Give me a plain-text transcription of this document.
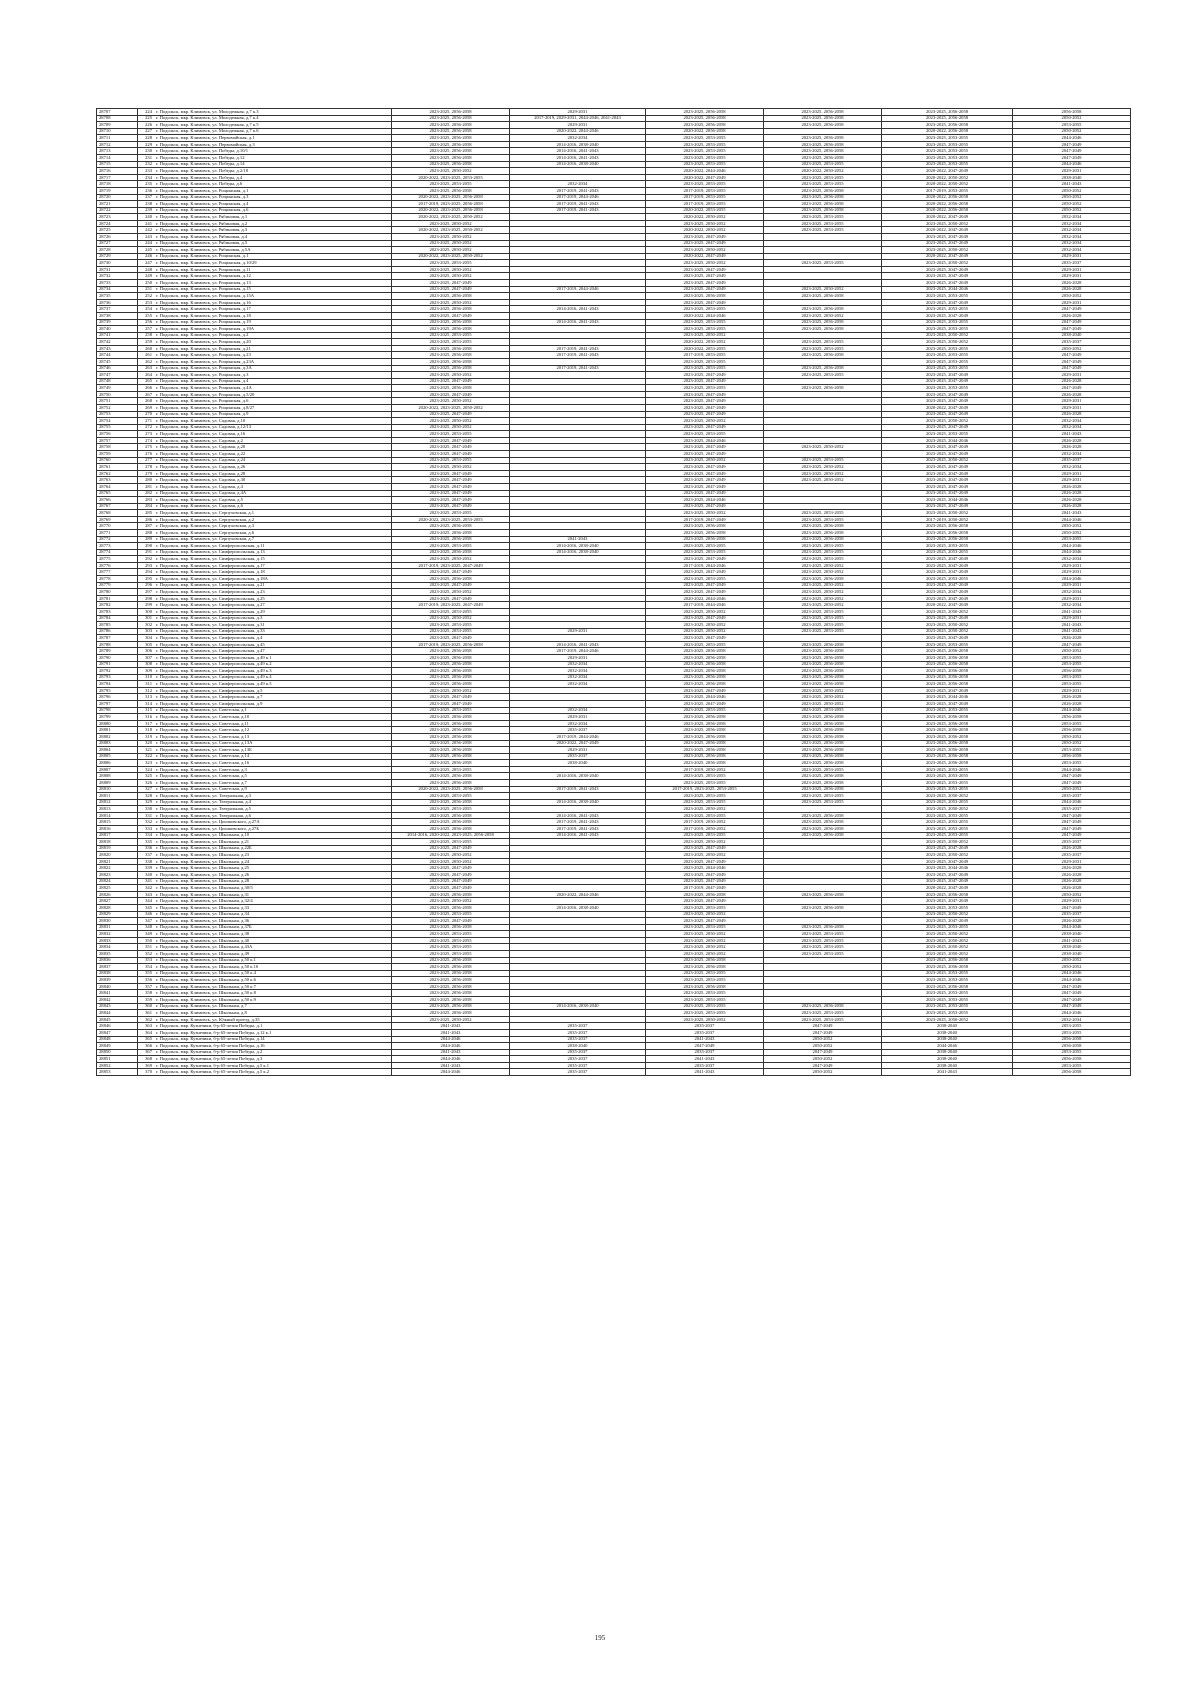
28707	224	г. Подольск, мкр. Климовск, ул. Молодежная, д.7 к.3	2023-2025, 2056-2058	2029-2031	2023-2025, 2056-2058	2023-2025, 2056-2058	2023-2025, 2056-2058	2056-2058
28708	225	г. Подольск, мкр. Климовск, ул. Молодежная, д.7 к.4	2023-2025, 2056-2058	2017-2019, 2029-2031, 2044-2046, 2041-2043	2023-2025, 2056-2058	2023-2025, 2056-2058	2023-2025, 2056-2058	2050-2052
28709	226	г. Подольск, мкр. Климовск, ул. Молодежная, д.7 к.5	2023-2025, 2056-2058	2029-2031	2023-2025, 2056-2058	2023-2025, 2056-2058	2023-2025, 2056-2058	2053-2055
28710	227	г. Подольск, мкр. Климовск, ул. Молодежная, д.7 к.6	2023-2025, 2056-2058	2020-2022, 2044-2046	2020-2022, 2056-2058		2020-2022, 2056-2058	2050-2052
28711	228	г. Подольск, мкр. Климовск, ул. Первомайская, д.1	2023-2025, 2056-2058	2032-2034	2023-2025, 2053-2055	2023-2025, 2056-2058	2023-2025, 2053-2055	2044-2046
28712	229	г. Подольск, мкр. Климовск, ул. Первомайская, д.3	2023-2025, 2056-2058	2014-2016, 2038-2040	2023-2025, 2053-2055	2023-2025, 2056-2058	2023-2025, 2053-2055	2047-2049
28713	230	г. Подольск, мкр. Климовск, ул. Победы, д.10/1	2023-2025, 2056-2058	2014-2016, 2041-2043	2023-2025, 2053-2055	2023-2025, 2056-2058	2023-2025, 2053-2055	2047-2049
28714	231	г. Подольск, мкр. Климовск, ул. Победы, д.12	2023-2025, 2056-2058	2014-2016, 2041-2043	2023-2025, 2053-2055	2023-2025, 2056-2058	2023-2025, 2053-2055	2047-2049
28715	232	г. Подольск, мкр. Климовск, ул. Победы, д.14	2023-2025, 2056-2058	2014-2016, 2038-2040	2023-2025, 2053-2055	2023-2025, 2053-2055	2023-2025, 2053-2055	2044-2046
28716	233	г. Подольск, мкр. Климовск, ул. Победы, д.2/18	2023-2025, 2050-2052		2020-2022, 2044-2046	2020-2022, 2050-2052	2020-2022, 2047-2049	2029-2031
28717	234	г. Подольск, мкр. Климовск, ул. Победы, д.4	2020-2022, 2023-2025, 2053-2055		2020-2022, 2047-2049	2023-2025, 2053-2055	2020-2022, 2050-2052	2038-2040
28718	235	г. Подольск, мкр. Климовск, ул. Победы, д.6	2023-2025, 2053-2055	2032-2034	2023-2025, 2053-2055	2023-2025, 2053-2055	2020-2022, 2050-2052	2041-2043
28719	236	г. Подольск, мкр. Климовск, ул. Рощинская, д.1	2023-2025, 2056-2058	2017-2019, 2041-2043	2017-2019, 2053-2055	2023-2025, 2056-2058	2017-2019, 2053-2055	2050-2052
28720	237	г. Подольск, мкр. Климовск, ул. Рощинская, д.3	2020-2022, 2023-2025, 2056-2058	2017-2019, 2044-2046	2017-2019, 2053-2055	2023-2025, 2056-2058	2020-2022, 2056-2058	2050-2052
28721	238	г. Подольск, мкр. Климовск, ул. Рощинская, д.4	2017-2019, 2023-2025, 2056-2058	2017-2019, 2041-2043	2017-2019, 2053-2055	2023-2025, 2056-2058	2020-2022, 2056-2058	2050-2052
28722	239	г. Подольск, мкр. Климовск, ул. Рощинская, д.6	2020-2022, 2023-2025, 2056-2058	2017-2019, 2041-2043	2020-2022, 2053-2055	2023-2025, 2056-2058	2020-2022, 2056-2058	2050-2052
28723	240	г. Подольск, мкр. Климовск, ул. Рябиновая, д.1	2020-2022, 2023-2025, 2050-2052		2020-2022, 2050-2052	2023-2025, 2053-2055	2020-2022, 2047-2049	2032-2034
28724	241	г. Подольск, мкр. Климовск, ул. Рябиновая, д.2	2023-2025, 2050-2052		2023-2025, 2050-2052	2023-2025, 2053-2055	2023-2025, 2050-2052	2032-2034
28725	242	г. Подольск, мкр. Климовск, ул. Рябиновая, д.3	2020-2022, 2023-2025, 2050-2052		2020-2022, 2050-2052	2023-2025, 2053-2055	2020-2022, 2047-2049	2032-2034
28726	243	г. Подольск, мкр. Климовск, ул. Рябиновая, д.4	2023-2025, 2050-2052		2023-2025, 2047-2049		2023-2025, 2047-2049	2032-2034
28727	244	г. Подольск, мкр. Климовск, ул. Рябиновая, д.5	2023-2025, 2050-2052		2023-2025, 2047-2049		2023-2025, 2047-2049	2032-2034
28728	245	г. Подольск, мкр. Климовск, ул. Рябиновая, д.5А	2023-2025, 2050-2052		2023-2025, 2050-2052		2023-2025, 2050-2052	2032-2034
28729	246	г. Подольск, мкр. Климовск, ул. Рощинская, д.1	2020-2022, 2023-2025, 2050-2052		2020-2022, 2047-2049		2020-2022, 2047-2049	2029-2031
28730	247	г. Подольск, мкр. Климовск, ул. Рощинская, д.10/29	2023-2025, 2053-2055		2023-2025, 2050-2052	2023-2025, 2053-2055	2023-2025, 2050-2052	2035-2037
28731	248	г. Подольск, мкр. Климовск, ул. Рощинская, д.11	2023-2025, 2050-2052		2023-2025, 2047-2049		2023-2025, 2047-2049	2029-2031
28732	249	г. Подольск, мкр. Климовск, ул. Рощинская, д.12	2023-2025, 2050-2052		2023-2025, 2047-2049		2023-2025, 2047-2049	2029-2031
28733	250	г. Подольск, мкр. Климовск, ул. Рощинская, д.13	2023-2025, 2047-2049		2023-2025, 2047-2049		2023-2025, 2047-2049	2026-2028
28734	251	г. Подольск, мкр. Климовск, ул. Рощинская, д.15	2023-2025, 2047-2049	2017-2019, 2044-2046	2023-2025, 2047-2049	2023-2025, 2050-2052	2023-2025, 2044-2046	2026-2028
28735	252	г. Подольск, мкр. Климовск, ул. Рощинская, д.15А	2023-2025, 2056-2058		2023-2025, 2056-2058	2023-2025, 2056-2058	2023-2025, 2053-2055	2050-2052
28736	253	г. Подольск, мкр. Климовск, ул. Рощинская, д.16	2023-2025, 2050-2052		2023-2025, 2047-2049		2023-2025, 2047-2049	2029-2031
28737	254	г. Подольск, мкр. Климовск, ул. Рощинская, д.17	2023-2025, 2056-2058	2014-2016, 2041-2043	2023-2025, 2053-2055	2023-2025, 2056-2058	2023-2025, 2053-2055	2047-2049
28738	255	г. Подольск, мкр. Климовск, ул. Рощинская, д.18	2023-2025, 2047-2049		2020-2022, 2044-2046	2023-2025, 2050-2052	2023-2025, 2047-2049	2026-2028
28739	256	г. Подольск, мкр. Климовск, ул. Рощинская, д.19	2023-2025, 2056-2058	2014-2016, 2041-2043	2023-2025, 2053-2055	2023-2025, 2056-2058	2023-2025, 2053-2055	2047-2049
28740	257	г. Подольск, мкр. Климовск, ул. Рощинская, д.19А	2023-2025, 2056-2058		2023-2025, 2053-2055	2023-2025, 2056-2058	2023-2025, 2053-2055	2047-2049
28741	258	г. Подольск, мкр. Климовск, ул. Рощинская, д.2	2023-2025, 2053-2055		2023-2025, 2050-2052		2023-2025, 2050-2052	2038-2040
28742	259	г. Подольск, мкр. Климовск, ул. Рощинская, д.20	2023-2025, 2053-2055		2020-2022, 2050-2052	2023-2025, 2053-2055	2023-2025, 2050-2052	2035-2037
28743	260	г. Подольск, мкр. Климовск, ул. Рощинская, д.21	2023-2025, 2056-2058	2017-2019, 2041-2043	2020-2022, 2053-2055	2023-2025, 2053-2055	2023-2025, 2053-2055	2050-2052
28744	261	г. Подольск, мкр. Климовск, ул. Рощинская, д.23	2023-2025, 2056-2058	2017-2019, 2041-2043	2017-2019, 2053-2055	2023-2025, 2056-2058	2023-2025, 2053-2055	2047-2049
28745	262	г. Подольск, мкр. Климовск, ул. Рощинская, д.23А	2023-2025, 2056-2058		2023-2025, 2053-2055		2023-2025, 2053-2055	2047-2049
28746	263	г. Подольск, мкр. Климовск, ул. Рощинская, д.3А	2023-2025, 2056-2058	2017-2019, 2041-2043	2023-2025, 2053-2055	2023-2025, 2056-2058	2023-2025, 2053-2055	2047-2049
28747	264	г. Подольск, мкр. Климовск, ул. Рощинская, д.3	2023-2025, 2050-2052		2023-2025, 2047-2049	2023-2025, 2053-2055	2023-2025, 2047-2049	2029-2031
28748	265	г. Подольск, мкр. Климовск, ул. Рощинская, д.4	2023-2025, 2047-2049		2023-2025, 2047-2049		2023-2025, 2047-2049	2026-2028
28749	266	г. Подольск, мкр. Климовск, ул. Рощинская, д.4А	2023-2025, 2056-2058		2023-2025, 2053-2055	2023-2025, 2056-2058	2023-2025, 2053-2055	2047-2049
28750	267	г. Подольск, мкр. Климовск, ул. Рощинская, д.5/20	2023-2025, 2047-2049		2023-2025, 2047-2049		2023-2025, 2047-2049	2026-2028
28751	268	г. Подольск, мкр. Климовск, ул. Рощинская, д.6	2023-2025, 2050-2052		2023-2025, 2047-2049		2023-2025, 2047-2049	2029-2031
28752	269	г. Подольск, мкр. Климовск, ул. Рощинская, д.8/27	2020-2022, 2023-2025, 2050-2052		2023-2025, 2047-2049		2020-2022, 2047-2049	2029-2031
28753	270	г. Подольск, мкр. Климовск, ул. Рощинская, д.9	2023-2025, 2047-2049		2023-2025, 2047-2049		2023-2025, 2047-2049	2026-2028
28754	271	г. Подольск, мкр. Климовск, ул. Садовая, д.10	2023-2025, 2050-2052		2023-2025, 2050-2052		2023-2025, 2050-2052	2032-2034
28755	272	г. Подольск, мкр. Климовск, ул. Садовая, д.12/13	2023-2025, 2050-2052		2023-2025, 2047-2049		2023-2025, 2047-2049	2032-2034
28756	273	г. Подольск, мкр. Климовск, ул. Садовая, д.16	2023-2025, 2053-2055		2023-2025, 2053-2055		2023-2025, 2053-2055	2041-2043
28757	274	г. Подольск, мкр. Климовск, ул. Садовая, д.2	2023-2025, 2047-2049		2023-2025, 2044-2046		2023-2025, 2044-2046	2026-2028
28758	275	г. Подольск, мкр. Климовск, ул. Садовая, д.20	2023-2025, 2047-2049		2023-2025, 2047-2049	2023-2025, 2050-2052	2023-2025, 2047-2049	2026-2028
28759	276	г. Подольск, мкр. Климовск, ул. Садовая, д.22	2023-2025, 2047-2049		2023-2025, 2047-2049		2023-2025, 2047-2049	2032-2034
28760	277	г. Подольск, мкр. Климовск, ул. Садовая, д.24	2023-2025, 2053-2055		2023-2025, 2050-2052	2023-2025, 2053-2055	2023-2025, 2050-2052	2035-2037
28761	278	г. Подольск, мкр. Климовск, ул. Садовая, д.26	2023-2025, 2050-2052		2023-2025, 2047-2049	2023-2025, 2050-2052	2023-2025, 2047-2049	2032-2034
28762	279	г. Подольск, мкр. Климовск, ул. Садовая, д.28	2023-2025, 2047-2049		2023-2025, 2047-2049	2023-2025, 2050-2052	2023-2025, 2047-2049	2029-2031
28763	280	г. Подольск, мкр. Климовск, ул. Садовая, д.30	2023-2025, 2047-2049		2023-2025, 2047-2049	2023-2025, 2050-2052	2023-2025, 2047-2049	2029-2031
28764	281	г. Подольск, мкр. Климовск, ул. Садовая, д.4	2023-2025, 2047-2049		2023-2025, 2047-2049		2023-2025, 2047-2049	2026-2028
28765	282	г. Подольск, мкр. Климовск, ул. Садовая, д.4А	2023-2025, 2047-2049		2023-2025, 2047-2049		2023-2025, 2047-2049	2026-2028
28766	283	г. Подольск, мкр. Климовск, ул. Садовая, д.5	2023-2025, 2047-2049		2023-2025, 2044-2046		2023-2025, 2044-2046	2026-2028
28767	284	г. Подольск, мкр. Климовск, ул. Садовая, д.6	2023-2025, 2047-2049		2023-2025, 2047-2049		2023-2025, 2047-2049	2026-2028
28768	285	г. Подольск, мкр. Климовск, ул. Серпуховская, д.1	2023-2025, 2053-2055		2023-2025, 2050-2052	2023-2025, 2053-2055	2023-2025, 2050-2052	2041-2043
28769	286	г. Подольск, мкр. Климовск, ул. Серпуховская, д.2	2020-2022, 2023-2025, 2053-2055		2017-2019, 2047-2049	2023-2025, 2053-2055	2017-2019, 2050-2052	2044-2046
28770	287	г. Подольск, мкр. Климовск, ул. Серпуховская, д.3	2023-2025, 2056-2058		2023-2025, 2056-2058	2023-2025, 2056-2058	2023-2025, 2056-2058	2050-2052
28771	288	г. Подольск, мкр. Климовск, ул. Серпуховская, д.6	2023-2025, 2056-2058		2023-2025, 2056-2058	2023-2025, 2056-2058	2023-2025, 2056-2058	2050-2052
28772	289	г. Подольск, мкр. Климовск, ул. Серпуховская, д.7	2023-2025, 2056-2058	2041-2043	2023-2025, 2056-2058	2023-2025, 2056-2058	2023-2025, 2056-2058	2053-2055
28773	290	г. Подольск, мкр. Климовск, ул. Симферопольская, д.11	2023-2025, 2053-2055	2014-2016, 2038-2040	2023-2025, 2053-2055	2023-2025, 2053-2055	2023-2025, 2053-2055	2044-2046
28774	291	г. Подольск, мкр. Климовск, ул. Симферопольская, д.13	2023-2025, 2056-2058	2014-2016, 2038-2040	2023-2025, 2053-2055	2023-2025, 2053-2055	2023-2025, 2053-2055	2044-2046
28775	292	г. Подольск, мкр. Климовск, ул. Симферопольская, д.15	2023-2025, 2050-2052		2023-2025, 2047-2049	2023-2025, 2053-2055	2023-2025, 2047-2049	2032-2034
28776	293	г. Подольск, мкр. Климовск, ул. Симферопольская, д.17	2017-2019, 2023-2025, 2047-2049		2017-2019, 2044-2046	2023-2025, 2050-2052	2023-2025, 2047-2049	2029-2031
28777	294	г. Подольск, мкр. Климовск, ул. Симферопольская, д.18	2023-2025, 2047-2049		2023-2025, 2047-2049	2023-2025, 2050-2052	2023-2025, 2047-2049	2029-2031
28778	295	г. Подольск, мкр. Климовск, ул. Симферопольская, д.18А	2023-2025, 2056-2058		2023-2025, 2053-2055	2023-2025, 2056-2058	2023-2025, 2053-2055	2044-2046
28779	296	г. Подольск, мкр. Климовск, ул. Симферопольская, д.21	2023-2025, 2047-2049		2023-2025, 2047-2049	2023-2025, 2050-2052	2023-2025, 2047-2049	2029-2031
28780	297	г. Подольск, мкр. Климовск, ул. Симферопольская, д.23	2023-2025, 2050-2052		2023-2025, 2047-2049	2023-2025, 2050-2052	2023-2025, 2047-2049	2032-2034
28781	298	г. Подольск, мкр. Климовск, ул. Симферопольская, д.25	2023-2025, 2047-2049		2020-2022, 2044-2046	2023-2025, 2050-2052	2023-2025, 2047-2049	2029-2031
28782	299	г. Подольск, мкр. Климовск, ул. Симферопольская, д.27	2017-2019, 2023-2025, 2047-2049		2017-2019, 2044-2046	2023-2025, 2050-2052	2020-2022, 2047-2049	2032-2034
28783	300	г. Подольск, мкр. Климовск, ул. Симферопольская, д.29	2023-2025, 2053-2055		2023-2025, 2050-2052	2023-2025, 2053-2055	2023-2025, 2050-2052	2041-2043
28784	301	г. Подольск, мкр. Климовск, ул. Симферопольская, д.3	2023-2025, 2050-2052		2023-2025, 2047-2049	2023-2025, 2053-2055	2023-2025, 2047-2049	2029-2031
28785	302	г. Подольск, мкр. Климовск, ул. Симферопольская, д.31	2023-2025, 2053-2055		2023-2025, 2050-2052	2023-2025, 2053-2055	2023-2025, 2050-2052	2041-2043
28786	303	г. Подольск, мкр. Климовск, ул. Симферопольская, д.33	2023-2025, 2053-2055	2029-2031	2023-2025, 2050-2052	2023-2025, 2053-2055	2023-2025, 2050-2052	2041-2043
28787	304	г. Подольск, мкр. Климовск, ул. Симферопольская, д.4	2023-2025, 2047-2049		2023-2025, 2047-2049		2023-2025, 2047-2049	2026-2028
28788	305	г. Подольск, мкр. Климовск, ул. Симферопольская, д.45	2017-2019, 2023-2025, 2056-2058	2014-2016, 2041-2043	2023-2025, 2053-2055	2023-2025, 2056-2058	2023-2025, 2053-2055	2047-2049
28789	306	г. Подольск, мкр. Климовск, ул. Симферопольская, д.47	2023-2025, 2056-2058	2017-2019, 2044-2046	2023-2025, 2056-2058	2023-2025, 2056-2058	2023-2025, 2056-2058	2050-2052
28790	307	г. Подольск, мкр. Климовск, ул. Симферопольская, д.49 к.1	2023-2025, 2056-2058	2029-2031	2023-2025, 2056-2058	2023-2025, 2056-2058	2023-2025, 2056-2058	2053-2055
28791	308	г. Подольск, мкр. Климовск, ул. Симферопольская, д.49 к.2	2023-2025, 2056-2058	2032-2034	2023-2025, 2056-2058	2023-2025, 2056-2058	2023-2025, 2056-2058	2053-2055
28792	309	г. Подольск, мкр. Климовск, ул. Симферопольская, д.49 к.3	2023-2025, 2056-2058	2032-2034	2023-2025, 2056-2058	2023-2025, 2056-2058	2023-2025, 2056-2058	2056-2058
28793	310	г. Подольск, мкр. Климовск, ул. Симферопольская, д.49 к.4	2023-2025, 2056-2058	2032-2034	2023-2025, 2056-2058	2023-2025, 2056-2058	2023-2025, 2056-2058	2053-2055
28794	311	г. Подольск, мкр. Климовск, ул. Симферопольская, д.49 к.5	2023-2025, 2056-2058	2032-2034	2023-2025, 2056-2058	2023-2025, 2056-2058	2023-2025, 2056-2058	2053-2055
28795	312	г. Подольск, мкр. Климовск, ул. Симферопольская, д.5	2023-2025, 2050-2052		2023-2025, 2047-2049	2023-2025, 2050-2052	2023-2025, 2047-2049	2029-2031
28796	313	г. Подольск, мкр. Климовск, ул. Симферопольская, д.7	2023-2025, 2047-2049		2023-2025, 2044-2046	2023-2025, 2050-2052	2023-2025, 2044-2046	2026-2028
28797	314	г. Подольск, мкр. Климовск, ул. Симферопольская, д.9	2023-2025, 2047-2049		2023-2025, 2047-2049	2023-2025, 2050-2052	2023-2025, 2047-2049	2026-2028
28798	315	г. Подольск, мкр. Климовск, ул. Советская, д.1	2023-2025, 2053-2055	2032-2034	2023-2025, 2053-2055	2023-2025, 2053-2055	2023-2025, 2053-2055	2044-2046
28799	316	г. Подольск, мкр. Климовск, ул. Советская, д.10	2023-2025, 2056-2058	2029-2031	2023-2025, 2056-2058	2023-2025, 2056-2058	2023-2025, 2056-2058	2056-2058
28800	317	г. Подольск, мкр. Климовск, ул. Советская, д.11	2023-2025, 2056-2058	2032-2034	2023-2025, 2056-2058	2023-2025, 2056-2058	2023-2025, 2056-2058	2053-2055
28801	318	г. Подольск, мкр. Климовск, ул. Советская, д.12	2023-2025, 2056-2058	2035-2037	2023-2025, 2056-2058	2023-2025, 2056-2058	2023-2025, 2056-2058	2056-2058
28802	319	г. Подольск, мкр. Климовск, ул. Советская, д.13	2023-2025, 2056-2058	2017-2019, 2044-2046	2023-2025, 2056-2058	2023-2025, 2056-2058	2023-2025, 2056-2058	2050-2052
28803	320	г. Подольск, мкр. Климовск, ул. Советская, д.13А	2023-2025, 2056-2058	2020-2022, 2047-2049	2023-2025, 2056-2058	2023-2025, 2056-2058	2023-2025, 2056-2058	2050-2052
28804	321	г. Подольск, мкр. Климовск, ул. Советская, д.13Б	2023-2025, 2056-2058	2029-2031	2023-2025, 2056-2058	2023-2025, 2056-2058	2023-2025, 2056-2058	2053-2055
28805	322	г. Подольск, мкр. Климовск, ул. Советская, д.14	2023-2025, 2056-2058	2035-2037	2023-2025, 2056-2058	2023-2025, 2056-2058	2023-2025, 2056-2058	2056-2058
28806	323	г. Подольск, мкр. Климовск, ул. Советская, д.16	2023-2025, 2056-2058	2038-2040	2023-2025, 2056-2058	2023-2025, 2056-2058	2023-2025, 2056-2058	2053-2055
28807	324	г. Подольск, мкр. Климовск, ул. Советская, д.3	2023-2025, 2053-2055		2017-2019, 2050-2052	2023-2025, 2053-2055	2023-2025, 2053-2055	2044-2046
28808	325	г. Подольск, мкр. Климовск, ул. Советская, д.5	2023-2025, 2056-2058	2014-2016, 2038-2040	2023-2025, 2053-2055	2023-2025, 2056-2058	2023-2025, 2053-2055	2047-2049
28809	326	г. Подольск, мкр. Климовск, ул. Советская, д.7	2023-2025, 2056-2058		2023-2025, 2053-2055	2023-2025, 2056-2058	2023-2025, 2053-2055	2047-2049
28810	327	г. Подольск, мкр. Климовск, ул. Советская, д.9	2020-2022, 2023-2025, 2056-2058	2017-2019, 2041-2043	2017-2019, 2023-2025, 2053-2055	2023-2025, 2056-2058	2023-2025, 2053-2055	2050-2052
28811	328	г. Подольск, мкр. Климовск, ул. Театральная, д.3	2023-2025, 2053-2055		2023-2025, 2053-2055	2023-2025, 2053-2055	2023-2025, 2050-2052	2035-2037
28812	329	г. Подольск, мкр. Климовск, ул. Театральная, д.4	2023-2025, 2056-2058	2014-2016, 2038-2040	2023-2025, 2053-2055	2023-2025, 2053-2055	2023-2025, 2053-2055	2044-2046
28813	330	г. Подольск, мкр. Климовск, ул. Театральная, д.5	2023-2025, 2053-2055		2023-2025, 2050-2052		2023-2025, 2050-2052	2035-2037
28814	331	г. Подольск, мкр. Климовск, ул. Театральная, д.6	2023-2025, 2056-2058	2014-2016, 2041-2043	2023-2025, 2053-2055	2023-2025, 2056-2058	2023-2025, 2053-2055	2047-2049
28815	332	г. Подольск, мкр. Климовск, ул. Циолковского, д.27А	2023-2025, 2056-2058	2017-2019, 2041-2043	2017-2019, 2050-2052	2023-2025, 2056-2058	2023-2025, 2053-2055	2047-2049
28816	333	г. Подольск, мкр. Климовск, ул. Циолковского, д.27Б	2023-2025, 2056-2058	2017-2019, 2041-2043	2017-2019, 2050-2052	2023-2025, 2056-2058	2023-2025, 2053-2055	2047-2049
28817	334	г. Подольск, мкр. Климовск, ул. Школьная, д.10	2014-2016, 2020-2022, 2023-2025, 2056-2058	2014-2016, 2041-2043	2023-2025, 2053-2055	2023-2025, 2056-2058	2023-2025, 2053-2055	2047-2049
28818	335	г. Подольск, мкр. Климовск, ул. Школьная, д.21	2023-2025, 2053-2055		2023-2025, 2050-2052		2023-2025, 2050-2052	2035-2037
28819	336	г. Подольск, мкр. Климовск, ул. Школьная, д.22Б	2023-2025, 2047-2049		2023-2025, 2047-2049		2023-2025, 2047-2049	2026-2028
28820	337	г. Подольск, мкр. Климовск, ул. Школьная, д.23	2023-2025, 2050-2052		2023-2025, 2050-2052		2023-2025, 2050-2052	2035-2037
28821	338	г. Подольск, мкр. Климовск, ул. Школьная, д.24	2023-2025, 2050-2052		2023-2025, 2047-2049		2023-2025, 2047-2049	2029-2031
28822	339	г. Подольск, мкр. Климовск, ул. Школьная, д.25	2023-2025, 2047-2049		2023-2025, 2044-2046		2023-2025, 2044-2046	2026-2028
28823	340	г. Подольск, мкр. Климовск, ул. Школьная, д.26	2023-2025, 2047-2049		2023-2025, 2047-2049		2023-2025, 2047-2049	2026-2028
28824	341	г. Подольск, мкр. Климовск, ул. Школьная, д.28	2023-2025, 2047-2049		2023-2025, 2047-2049		2023-2025, 2047-2049	2026-2028
28825	342	г. Подольск, мкр. Климовск, ул. Школьная, д.30/5	2023-2025, 2047-2049		2017-2019, 2047-2049		2020-2022, 2047-2049	2026-2028
28826	343	г. Подольск, мкр. Климовск, ул. Школьная, д.31	2023-2025, 2056-2058	2020-2022, 2044-2046	2023-2025, 2056-2058	2023-2025, 2056-2058	2023-2025, 2056-2058	2050-2052
28827	344	г. Подольск, мкр. Климовск, ул. Школьная, д.32/4	2023-2025, 2050-2052		2023-2025, 2047-2049		2023-2025, 2047-2049	2029-2031
28828	345	г. Подольск, мкр. Климовск, ул. Школьная, д.33	2023-2025, 2056-2058	2014-2016, 2038-2040	2023-2025, 2053-2055	2023-2025, 2056-2058	2023-2025, 2053-2055	2047-2049
28829	346	г. Подольск, мкр. Климовск, ул. Школьная, д.34	2023-2025, 2053-2055		2023-2025, 2050-2052		2023-2025, 2050-2052	2035-2037
28830	347	г. Подольск, мкр. Климовск, ул. Школьная, д.36	2023-2025, 2047-2049		2023-2025, 2047-2049		2023-2025, 2047-2049	2026-2028
28831	348	г. Подольск, мкр. Климовск, ул. Школьная, д.37Б	2023-2025, 2056-2058		2023-2025, 2053-2055	2023-2025, 2056-2058	2023-2025, 2053-2055	2044-2046
28832	349	г. Подольск, мкр. Климовск, ул. Школьная, д.38	2023-2025, 2053-2055		2023-2025, 2050-2052	2023-2025, 2053-2055	2023-2025, 2050-2052	2038-2040
28833	350	г. Подольск, мкр. Климовск, ул. Школьная, д.40	2023-2025, 2053-2055		2023-2025, 2050-2052	2023-2025, 2053-2055	2023-2025, 2050-2052	2041-2043
28834	351	г. Подольск, мкр. Климовск, ул. Школьная, д.43А	2023-2025, 2053-2055		2023-2025, 2050-2052	2023-2025, 2053-2055	2023-2025, 2050-2052	2038-2040
28835	352	г. Подольск, мкр. Климовск, ул. Школьная, д.49	2023-2025, 2053-2055		2023-2025, 2050-2052	2023-2025, 2053-2055	2023-2025, 2050-2052	2038-2040
28836	353	г. Подольск, мкр. Климовск, ул. Школьная, д.50 к.1	2023-2025, 2056-2058		2023-2025, 2056-2058		2023-2025, 2056-2058	2050-2052
28837	354	г. Подольск, мкр. Климовск, ул. Школьная, д.50 к.10	2023-2025, 2056-2058		2023-2025, 2056-2058		2023-2025, 2056-2058	2050-2052
28838	355	г. Подольск, мкр. Климовск, ул. Школьная, д.50 к.4	2023-2025, 2056-2058		2023-2025, 2053-2055		2023-2025, 2053-2055	2044-2046
28839	356	г. Подольск, мкр. Климовск, ул. Школьная, д.50 к.6	2023-2025, 2056-2058		2023-2025, 2053-2055		2023-2025, 2053-2055	2044-2046
28840	357	г. Подольск, мкр. Климовск, ул. Школьная, д.50 к.7	2023-2025, 2056-2058		2023-2025, 2056-2058		2023-2025, 2056-2058	2047-2049
28841	358	г. Подольск, мкр. Климовск, ул. Школьная, д.50 к.8	2023-2025, 2056-2058		2023-2025, 2053-2055		2023-2025, 2053-2055	2047-2049
28842	359	г. Подольск, мкр. Климовск, ул. Школьная, д.50 к.9	2023-2025, 2056-2058		2023-2025, 2053-2055		2023-2025, 2053-2055	2047-2049
28843	360	г. Подольск, мкр. Климовск, ул. Школьная, д.7	2023-2025, 2056-2058	2014-2016, 2038-2040	2023-2025, 2053-2055	2023-2025, 2056-2058	2023-2025, 2053-2055	2047-2049
28844	361	г. Подольск, мкр. Климовск, ул. Школьная, д.8	2023-2025, 2056-2058		2023-2025, 2053-2055	2023-2025, 2053-2055	2023-2025, 2053-2055	2044-2046
28845	362	г. Подольск, мкр. Климовск, ул. Южный проезд, д.35	2023-2025, 2050-2052		2023-2025, 2050-2052	2023-2025, 2053-2055	2023-2025, 2050-2052	2032-2034
28846	363	г. Подольск, мкр. Кузнечики, б-р 65-летия Победы, д.1	2041-2043	2035-2037	2035-2037	2047-2049	2038-2040	2053-2055
28847	364	г. Подольск, мкр. Кузнечики, б-р 65-летия Победы, д.12 к.1	2041-2043	2035-2037	2035-2037	2047-2049	2038-2040	2053-2055
28848	365	г. Подольск, мкр. Кузнечики, б-р 65-летия Победы, д.14	2044-2046	2035-2037	2041-2043	2050-2052	2038-2040	2056-2058
28849	366	г. Подольск, мкр. Кузнечики, б-р 65-летия Победы, д.16	2044-2046	2038-2040	2047-2049	2050-2052	2044-2046	2056-2058
28850	367	г. Подольск, мкр. Кузнечики, б-р 65-летия Победы, д.2	2041-2043	2035-2037	2035-2037	2047-2049	2038-2040	2053-2055
28851	368	г. Подольск, мкр. Кузнечики, б-р 65-летия Победы, д.3	2044-2046	2035-2037	2041-2043	2050-2052	2038-2040	2056-2058
28852	369	г. Подольск, мкр. Кузнечики, б-р 65-летия Победы, д.5 к.1	2041-2043	2035-2037	2035-2037	2047-2049	2038-2040	2053-2055
28853	370	г. Подольск, мкр. Кузнечики, б-р 65-летия Победы, д.5 к.2	2044-2046	2035-2037	2041-2043	2050-2052	2041-2043	2056-2058
195
